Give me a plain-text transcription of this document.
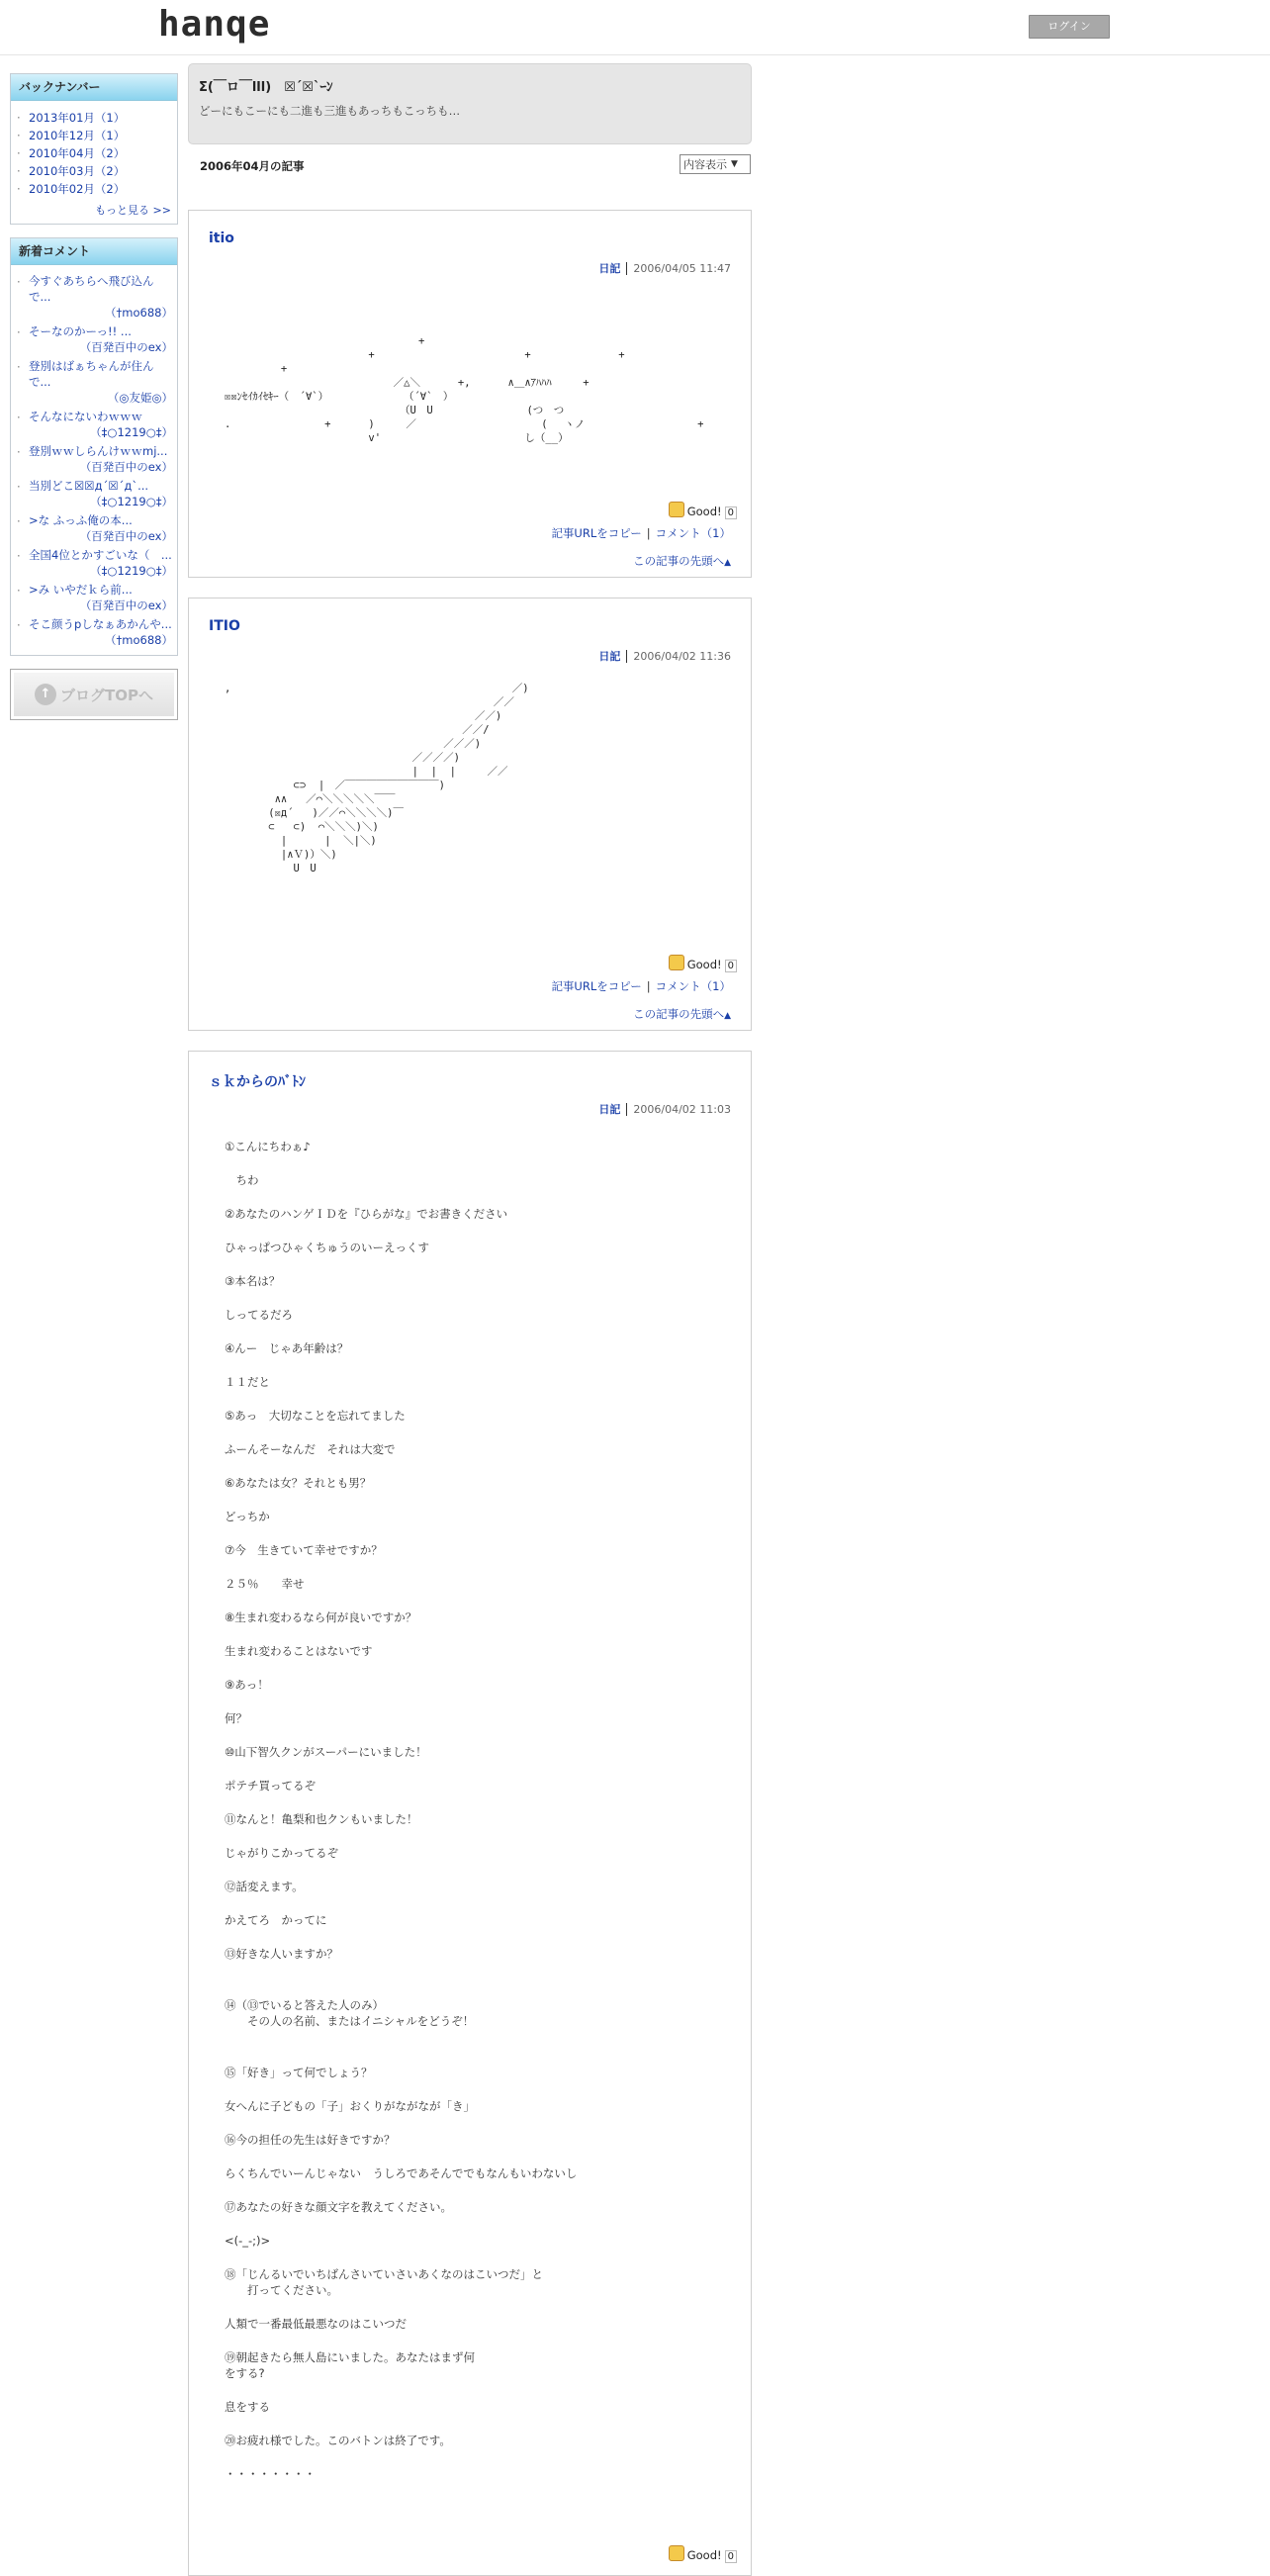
hanqe	ログイン
バックナンバー
· 2013年01月（1）
· 2010年12月（1）
· 2010年04月（2）
· 2010年03月（2）
· 2010年02月（2）
もっと見る >>
新着コメント
· 今すぐあちらへ飛び込んで...
（†mo688）
· そーなのかーっ!! ...
（百発百中のex）
· 登別はばぁちゃんが住んで...
（◎友姫◎）
· そんなにないわｗｗｗ
（‡○1219○‡）
· 登別ｗｗしらんけｗｗmj...
（百発百中のex）
· 当別どこ☒☒д´☒´д`...
（‡○1219○‡）
· >な ふっふ俺の本...
（百発百中のex）
· 全国4位とかすごいな（　...
（‡○1219○‡）
· >み いやだｋら前...
（百発百中のex）
· そこ颜うpしなぁあかんや...
（†mo688）
↑ ブログTOPへ
Σ(￣ロ￣lll)　☒´☒`ｰﾝ
どーにもこーにも二進も三進もあっちもこっちも…
2006年04月の記事	内容表示 ▼
itio
日記 2006/04/05 11:47
+
+                        +              +
+
／△＼      +,      ∧＿∧ｱﾊﾊﾊ     +
☒☒ﾝｾｲｶｲｾｷｰ（　´∀`）            （´∀`　）
（U　U               (つ　つ
.               +      )     ／                    (　 ヽノ                  +
v'                       し（__）
Good! 0
記事URLをコピー | コメント（1）
この記事の先頭へ▲
ITIO
日記 2006/04/02 11:36
,                                             ／)
／／
／／)
／／/
／／／)
／／／／)
|  |  |     ／／
⊂⊃  |　／￣￣￣￣￣￣￣￣￣)
∧∧   ／⌒＼＼＼＼＼￣￣
(☒д´   )／／⌒＼＼＼＼)￣
⊂   ⊂)  ⌒＼＼＼)＼)
|      |  ＼|＼)
|∧Ｖ)）＼)
U　U
Good! 0
記事URLをコピー | コメント（1）
この記事の先頭へ▲
ｓｋからのﾊﾞﾄﾝ
日記 2006/04/02 11:03

①こんにちわぁ♪

　ちわ

②あなたのハンゲＩＤを『ひらがな』でお書きください

ひゃっぱつひゃくちゅうのいーえっくす

③本名は？

しってるだろ

④んー　じゃあ年齢は？

１１だと

⑤あっ　大切なことを忘れてました

ふーんそーなんだ　それは大変で

⑥あなたは女？それとも男？

どっちか

⑦今　生きていて幸せですか？

２５％　　幸せ

⑧生まれ変わるなら何が良いですか？

生まれ変わることはないです

⑨あっ！

何？

⑩山下智久クンがスーパーにいました！

ポテチ買ってるぞ

⑪なんと！亀梨和也クンもいました！

じゃがりこかってるぞ

⑫話変えます。

かえてろ　かってに

⑬好きな人いますか？

⑭（⑬でいると答えた人のみ）
　　その人の名前、またはイニシャルをどうぞ！

⑮「好き」って何でしょう？

女へんに子どもの「子」おくりがながなが「き」

⑯今の担任の先生は好きですか？

らくちんでいーんじゃない　うしろであそんででもなんもいわないし

⑰あなたの好きな顔文字を教えてください。

<(-_-;)>

⑱「じんるいでいちばんさいていさいあくなのはこいつだ」と
　　打ってください。

人類で一番最低最悪なのはこいつだ

⑲朝起きたら無人島にいました。あなたはまず何
をする?

息をする

⑳お疲れ様でした。このバトンは終了です。

・・・・・・・・

Good! 0
